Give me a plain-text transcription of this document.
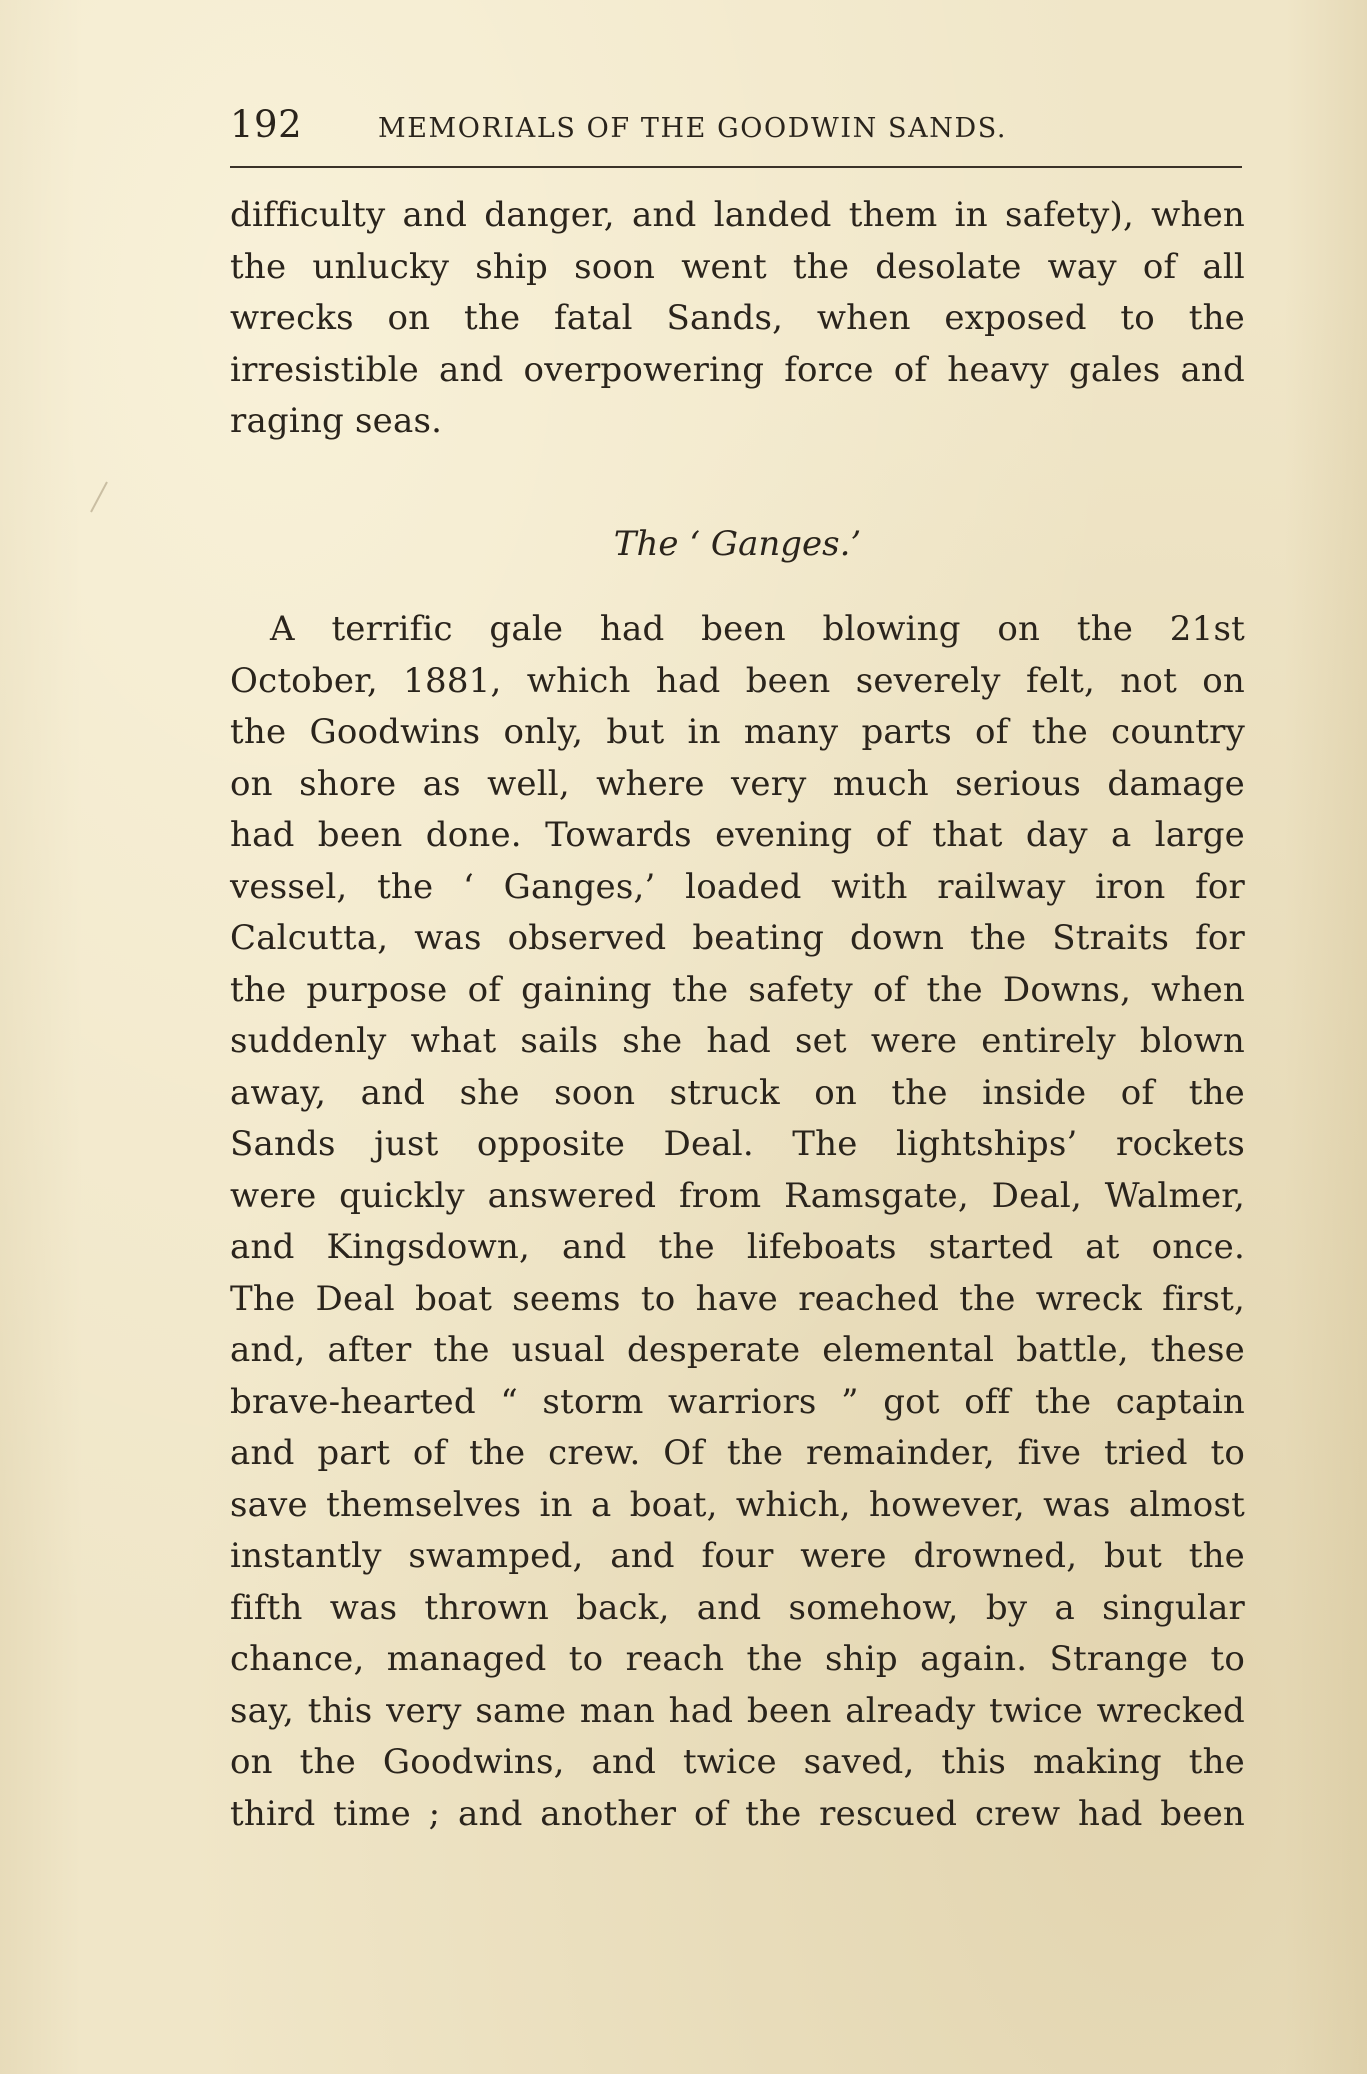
192	MEMORIALS OF THE GOODWIN SANDS.
difficulty and danger, and landed them in safety), when
the unlucky ship soon went the desolate way of all
wrecks on the fatal Sands, when exposed to the
irresistible and overpowering force of heavy gales and
raging seas.
The ‘ Ganges.’
A terrific gale had been blowing on the 21st
October, 1881, which had been severely felt, not on
the Goodwins only, but in many parts of the country
on shore as well, where very much serious damage
had been done. Towards evening of that day a large
vessel, the ‘ Ganges,’ loaded with railway iron for
Calcutta, was observed beating down the Straits for
the purpose of gaining the safety of the Downs, when
suddenly what sails she had set were entirely blown
away, and she soon struck on the inside of the
Sands just opposite Deal. The lightships’ rockets
were quickly answered from Ramsgate, Deal, Walmer,
and Kingsdown, and the lifeboats started at once.
The Deal boat seems to have reached the wreck first,
and, after the usual desperate elemental battle, these
brave-hearted “ storm warriors ” got off the captain
and part of the crew. Of the remainder, five tried to
save themselves in a boat, which, however, was almost
instantly swamped, and four were drowned, but the
fifth was thrown back, and somehow, by a singular
chance, managed to reach the ship again. Strange to
say, this very same man had been already twice wrecked
on the Goodwins, and twice saved, this making the
third time ; and another of the rescued crew had been
